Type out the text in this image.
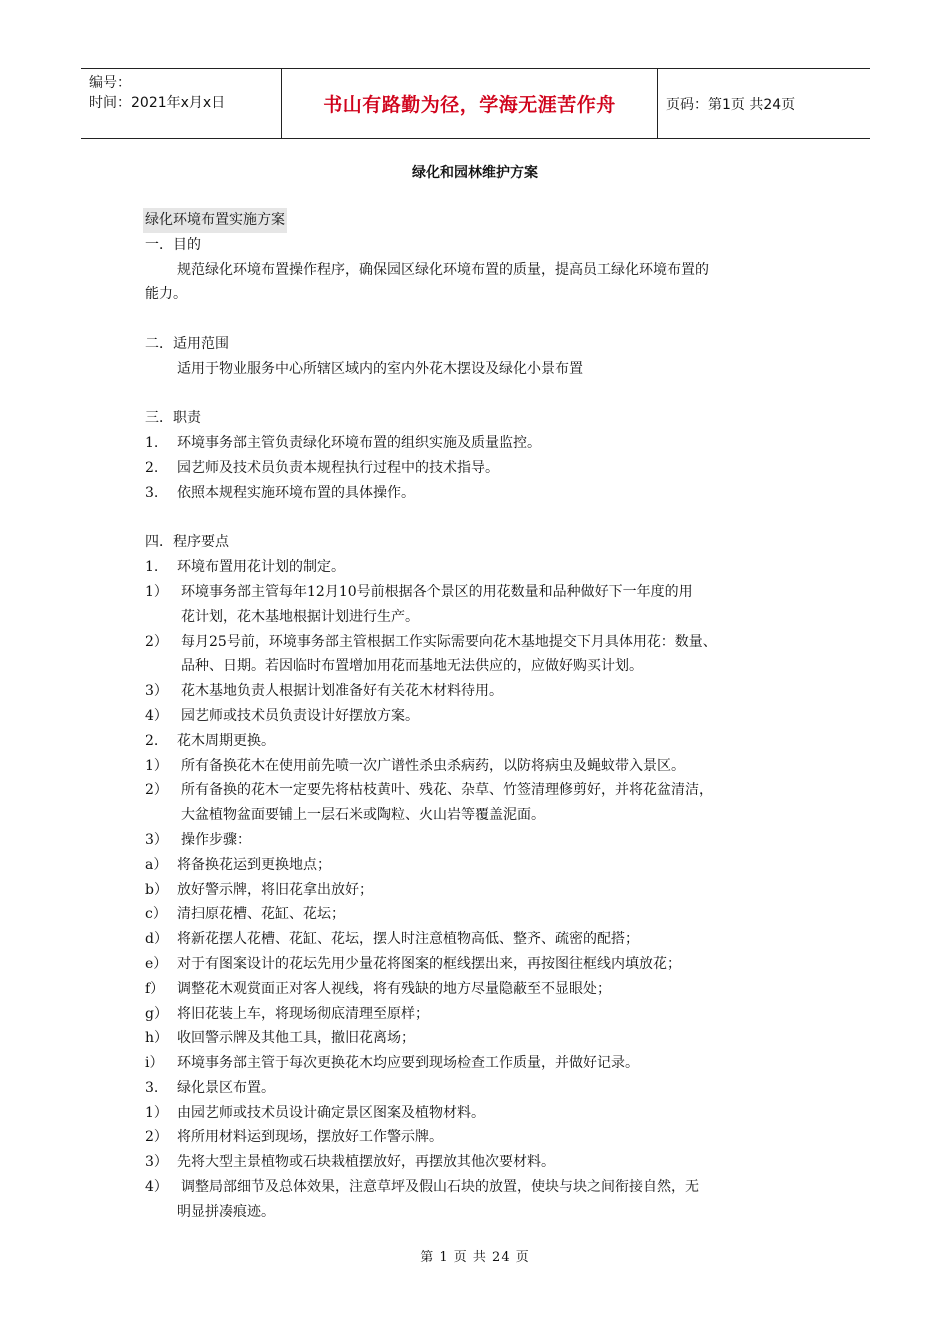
编号：
时间：2021年x月x日	书山有路勤为径，学海无涯苦作舟	页码：第1页 共24页
绿化和园林维护方案
绿化环境布置实施方案
一．目的
规范绿化环境布置操作程序，确保园区绿化环境布置的质量，提高员工绿化环境布置的
能力。
二．适用范围
适用于物业服务中心所辖区域内的室内外花木摆设及绿化小景布置
三．职责
1. 环境事务部主管负责绿化环境布置的组织实施及质量监控。
2. 园艺师及技术员负责本规程执行过程中的技术指导。
3. 依照本规程实施环境布置的具体操作。
四．程序要点
1. 环境布置用花计划的制定。
1） 环境事务部主管每年12月10号前根据各个景区的用花数量和品种做好下一年度的用
花计划，花木基地根据计划进行生产。
2） 每月25号前，环境事务部主管根据工作实际需要向花木基地提交下月具体用花：数量、
品种、日期。若因临时布置增加用花而基地无法供应的，应做好购买计划。
3） 花木基地负责人根据计划准备好有关花木材料待用。
4） 园艺师或技术员负责设计好摆放方案。
2. 花木周期更换。
1） 所有备换花木在使用前先喷一次广谱性杀虫杀病药，以防将病虫及蝇蚊带入景区。
2） 所有备换的花木一定要先将枯枝黄叶、残花、杂草、竹签清理修剪好，并将花盆清洁，
大盆植物盆面要铺上一层石米或陶粒、火山岩等覆盖泥面。
3） 操作步骤：
a） 将备换花运到更换地点；
b） 放好警示牌，将旧花拿出放好；
c） 清扫原花槽、花缸、花坛；
d） 将新花摆人花槽、花缸、花坛，摆人时注意植物高低、整齐、疏密的配搭；
e） 对于有图案设计的花坛先用少量花将图案的框线摆出来，再按图往框线内填放花；
f） 调整花木观赏面正对客人视线，将有残缺的地方尽量隐蔽至不显眼处；
g） 将旧花装上车，将现场彻底清理至原样；
h） 收回警示牌及其他工具，撤旧花离场；
i） 环境事务部主管于每次更换花木均应要到现场检查工作质量，并做好记录。
3. 绿化景区布置。
1） 由园艺师或技术员设计确定景区图案及植物材料。
2） 将所用材料运到现场，摆放好工作警示牌。
3） 先将大型主景植物或石块栽植摆放好，再摆放其他次要材料。
4） 调整局部细节及总体效果，注意草坪及假山石块的放置，使块与块之间衔接自然，无
明显拼凑痕迹。
第 1 页 共 24 页
